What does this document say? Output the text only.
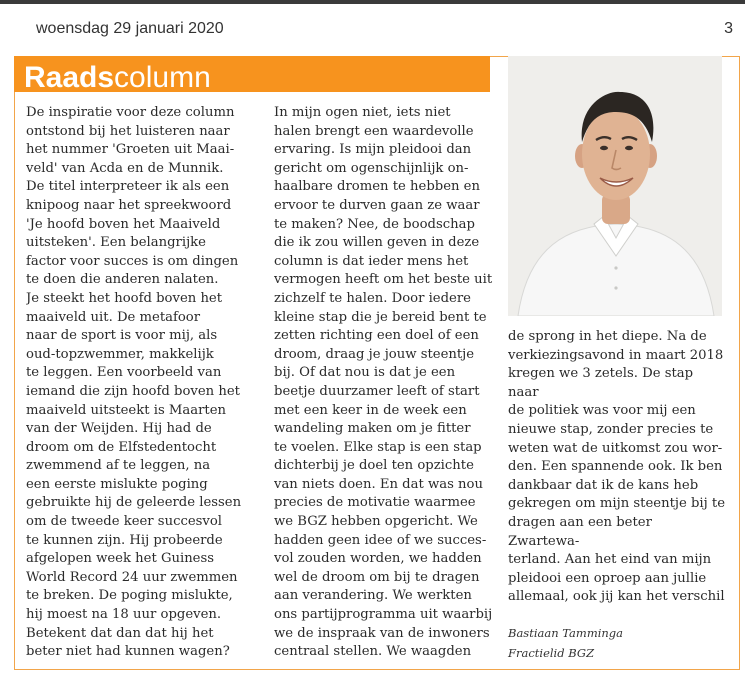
woensdag 29 januari 2020	3
Raadscolumn
De inspiratie voor deze column
ontstond bij het luisteren naar
het nummer 'Groeten uit Maai-
veld' van Acda en de Munnik.
De titel interpreteer ik als een
knipoog naar het spreekwoord
'Je hoofd boven het Maaiveld
uitsteken'. Een belangrijke
factor voor succes is om dingen
te doen die anderen nalaten.
Je steekt het hoofd boven het
maaiveld uit. De metafoor
naar de sport is voor mij, als
oud-topzwemmer, makkelijk
te leggen. Een voorbeeld van
iemand die zijn hoofd boven het
maaiveld uitsteekt is Maarten
van der Weijden. Hij had de
droom om de Elfstedentocht
zwemmend af te leggen, na
een eerste mislukte poging
gebruikte hij de geleerde lessen
om de tweede keer succesvol
te kunnen zijn. Hij probeerde
afgelopen week het Guiness
World Record 24 uur zwemmen
te breken. De poging mislukte,
hij moest na 18 uur opgeven.
Betekent dat dan dat hij het
beter niet had kunnen wagen?
In mijn ogen niet, iets niet
halen brengt een waardevolle
ervaring. Is mijn pleidooi dan
gericht om ogenschijnlijk on-
haalbare dromen te hebben en
ervoor te durven gaan ze waar
te maken? Nee, de boodschap
die ik zou willen geven in deze
column is dat ieder mens het
vermogen heeft om het beste uit
zichzelf te halen. Door iedere
kleine stap die je bereid bent te
zetten richting een doel of een
droom, draag je jouw steentje
bij. Of dat nou is dat je een
beetje duurzamer leeft of start
met een keer in de week een
wandeling maken om je fitter
te voelen. Elke stap is een stap
dichterbij je doel ten opzichte
van niets doen. En dat was nou
precies de motivatie waarmee
we BGZ hebben opgericht. We
hadden geen idee of we succes-
vol zouden worden, we hadden
wel de droom om bij te dragen
aan verandering. We werkten
ons partijprogramma uit waarbij
we de inspraak van de inwoners
centraal stellen. We waagden
de sprong in het diepe. Na de
verkiezingsavond in maart 2018
kregen we 3 zetels. De stap naar
de politiek was voor mij een
nieuwe stap, zonder precies te
weten wat de uitkomst zou wor-
den. Een spannende ook. Ik ben
dankbaar dat ik de kans heb
gekregen om mijn steentje bij te
dragen aan een beter Zwartewa-
terland. Aan het eind van mijn
pleidooi een oproep aan jullie
allemaal, ook jij kan het verschil

Bastiaan Tamminga
Fractielid BGZ
